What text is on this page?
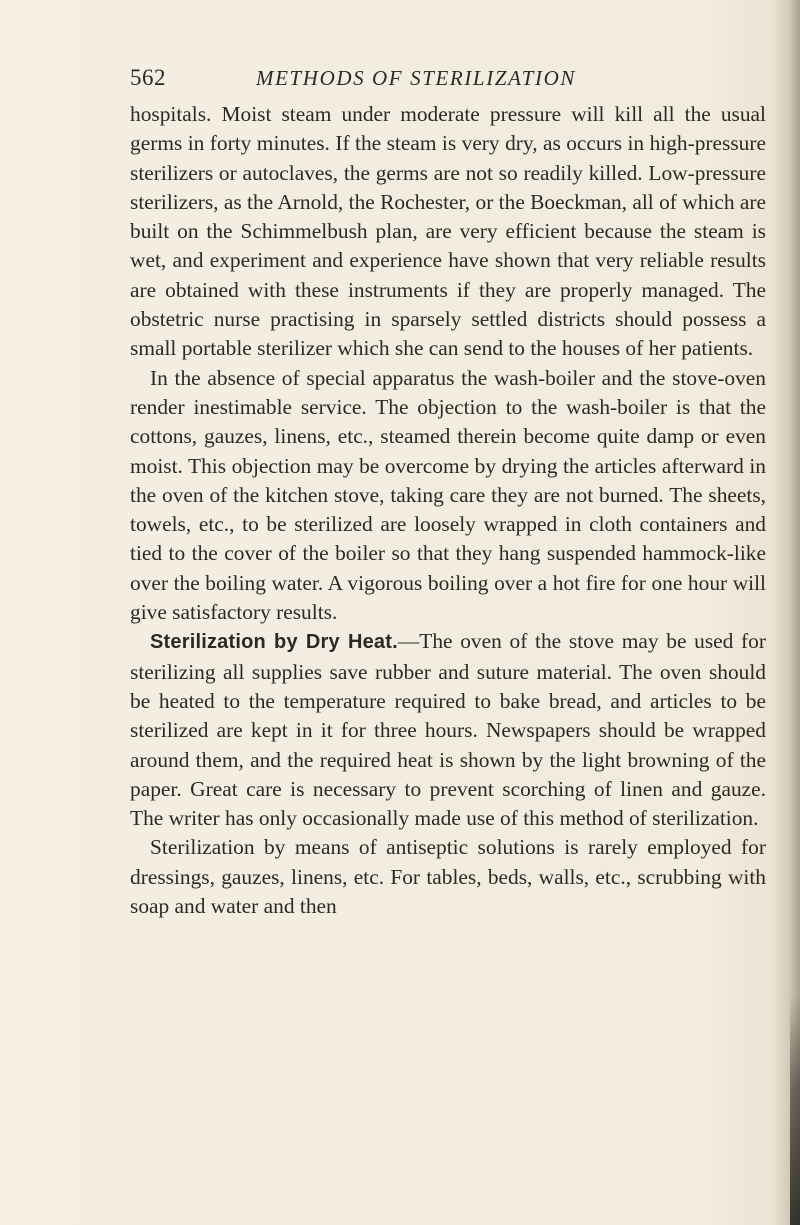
562	METHODS OF STERILIZATION

hospitals. Moist steam under moderate pressure will kill all the usual germs in forty minutes. If the steam is very dry, as occurs in high-pressure sterilizers or autoclaves, the germs are not so readily killed. Low-pressure sterilizers, as the Arnold, the Rochester, or the Boeckman, all of which are built on the Schimmelbush plan, are very efficient because the steam is wet, and experiment and experience have shown that very reliable results are obtained with these instruments if they are properly managed. The obstetric nurse practising in sparsely settled districts should possess a small portable sterilizer which she can send to the houses of her patients.

In the absence of special apparatus the wash-boiler and the stove-oven render inestimable service. The objection to the wash-boiler is that the cottons, gauzes, linens, etc., steamed therein become quite damp or even moist. This objection may be overcome by drying the articles afterward in the oven of the kitchen stove, taking care they are not burned. The sheets, towels, etc., to be sterilized are loosely wrapped in cloth containers and tied to the cover of the boiler so that they hang suspended hammock-like over the boiling water. A vigorous boiling over a hot fire for one hour will give satisfactory results.

Sterilization by Dry Heat.—The oven of the stove may be used for sterilizing all supplies save rubber and suture material. The oven should be heated to the temperature required to bake bread, and articles to be sterilized are kept in it for three hours. Newspapers should be wrapped around them, and the required heat is shown by the light browning of the paper. Great care is necessary to prevent scorching of linen and gauze. The writer has only occasionally made use of this method of sterilization.

Sterilization by means of antiseptic solutions is rarely employed for dressings, gauzes, linens, etc. For tables, beds, walls, etc., scrubbing with soap and water and then
